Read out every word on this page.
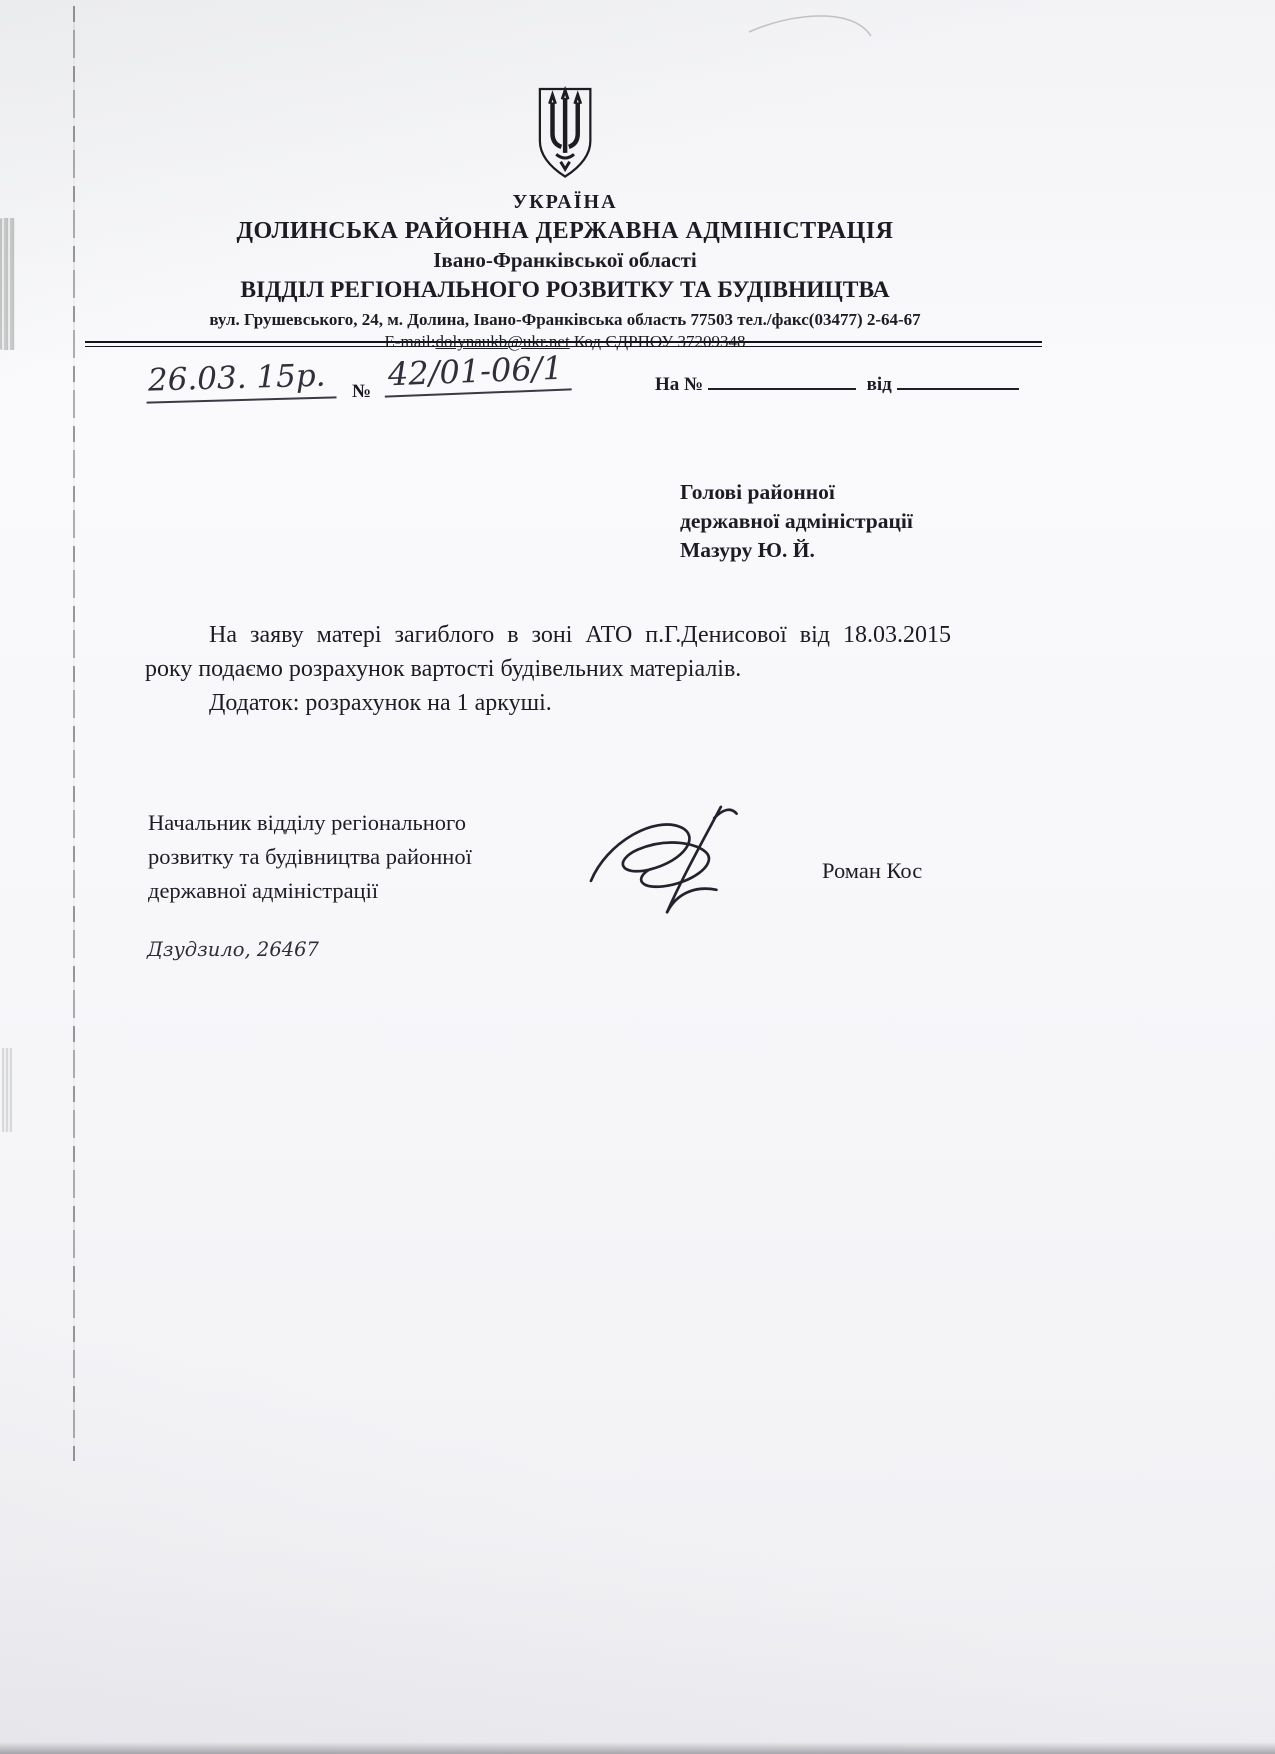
УКРАЇНА
ДОЛИНСЬКА РАЙОННА ДЕРЖАВНА АДМІНІСТРАЦІЯ
Івано-Франківської області
ВІДДІЛ РЕГІОНАЛЬНОГО РОЗВИТКУ ТА БУДІВНИЦТВА
вул. Грушевського, 24, м. Долина, Івано-Франківська область 77503 тел./факс(03477) 2-64-67
E-mail:dolynaukb@ukr.net Код ЄДРПОУ 37209348
26.03. 15р.	№ 42/01-06/1	На №	від
Голові районної
державної адміністрації
Мазуру Ю. Й.
На заяву матері загиблого в зоні АТО п.Г.Денисової від 18.03.2015
року подаємо розрахунок вартості будівельних матеріалів.
Додаток: розрахунок на 1 аркуші.
Начальник відділу регіонального
розвитку та будівництва районної
державної адміністрації
Роман Кос
Дзудзило, 26467
